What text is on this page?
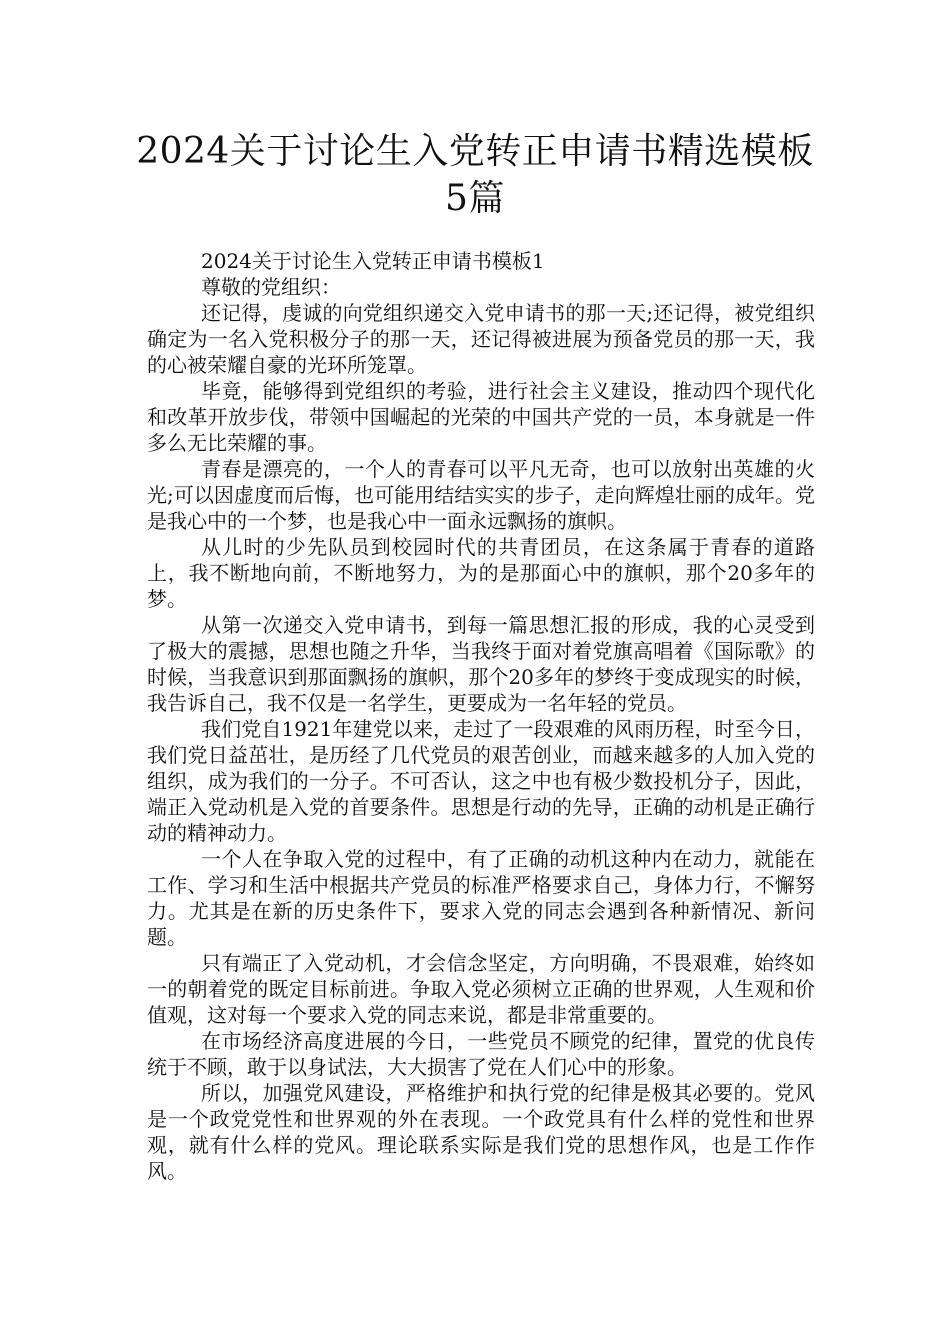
2024关于讨论生入党转正申请书精选模板
5篇

2024关于讨论生入党转正申请书模板1

尊敬的党组织：

还记得，虔诚的向党组织递交入党申请书的那一天;还记得，被党组织确定为一名入党积极分子的那一天，还记得被进展为预备党员的那一天，我的心被荣耀自豪的光环所笼罩。

毕竟，能够得到党组织的考验，进行社会主义建设，推动四个现代化和改革开放步伐，带领中国崛起的光荣的中国共产党的一员，本身就是一件多么无比荣耀的事。

青春是漂亮的，一个人的青春可以平凡无奇，也可以放射出英雄的火光;可以因虚度而后悔，也可能用结结实实的步子，走向辉煌壮丽的成年。党是我心中的一个梦，也是我心中一面永远飘扬的旗帜。

从儿时的少先队员到校园时代的共青团员，在这条属于青春的道路上，我不断地向前，不断地努力，为的是那面心中的旗帜，那个20多年的梦。

从第一次递交入党申请书，到每一篇思想汇报的形成，我的心灵受到了极大的震撼，思想也随之升华，当我终于面对着党旗高唱着《国际歌》的时候，当我意识到那面飘扬的旗帜，那个20多年的梦终于变成现实的时候，我告诉自己，我不仅是一名学生，更要成为一名年轻的党员。

我们党自1921年建党以来，走过了一段艰难的风雨历程，时至今日，我们党日益茁壮，是历经了几代党员的艰苦创业，而越来越多的人加入党的组织，成为我们的一分子。不可否认，这之中也有极少数投机分子，因此，端正入党动机是入党的首要条件。思想是行动的先导，正确的动机是正确行动的精神动力。

一个人在争取入党的过程中，有了正确的动机这种内在动力，就能在工作、学习和生活中根据共产党员的标准严格要求自己，身体力行，不懈努力。尤其是在新的历史条件下，要求入党的同志会遇到各种新情况、新问题。

只有端正了入党动机，才会信念坚定，方向明确，不畏艰难，始终如一的朝着党的既定目标前进。争取入党必须树立正确的世界观，人生观和价值观，这对每一个要求入党的同志来说，都是非常重要的。

在市场经济高度进展的今日，一些党员不顾党的纪律，置党的优良传统于不顾，敢于以身试法，大大损害了党在人们心中的形象。

所以，加强党风建设，严格维护和执行党的纪律是极其必要的。党风是一个政党党性和世界观的外在表现。一个政党具有什么样的党性和世界观，就有什么样的党风。理论联系实际是我们党的思想作风，也是工作作风。
